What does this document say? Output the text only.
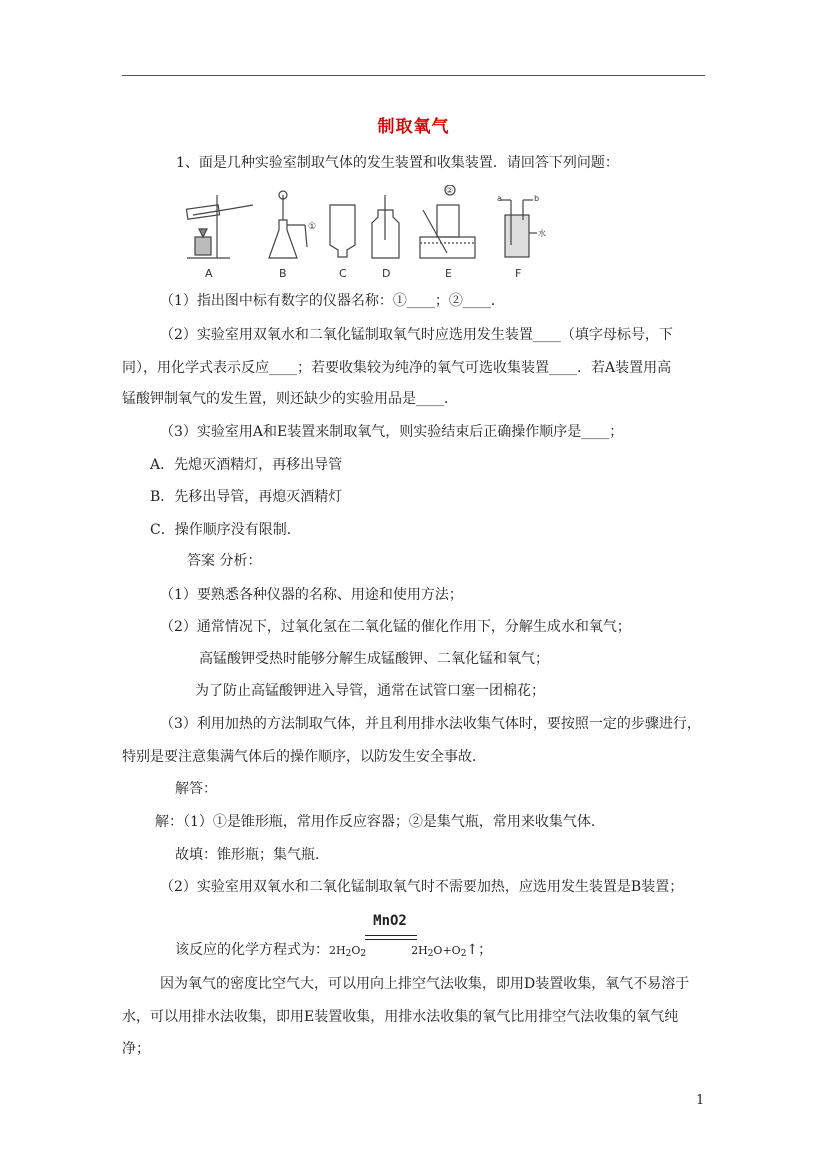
制取氧气
1、面是几种实验室制取气体的发生装置和收集装置．请回答下列问题：
A	B	C	D	E	F
①
②
a	b
水
（1）指出图中标有数字的仪器名称：①____；②____．
（2）实验室用双氧水和二氧化锰制取氧气时应选用发生装置____（填字母标号，下
同），用化学式表示反应____；若要收集较为纯净的氧气可选收集装置____．若A装置用高
锰酸钾制氧气的发生置，则还缺少的实验用品是____．
（3）实验室用A和E装置来制取氧气，则实验结束后正确操作顺序是____；
A．先熄灭酒精灯，再移出导管
B．先移出导管，再熄灭酒精灯
C．操作顺序没有限制．
答案 分析：
（1）要熟悉各种仪器的名称、用途和使用方法；
（2）通常情况下，过氧化氢在二氧化锰的催化作用下，分解生成水和氧气；
高锰酸钾受热时能够分解生成锰酸钾、二氧化锰和氧气；
为了防止高锰酸钾进入导管，通常在试管口塞一团棉花；
（3）利用加热的方法制取气体，并且利用排水法收集气体时，要按照一定的步骤进行，
特别是要注意集满气体后的操作顺序，以防发生安全事故．
解答：
解：（1）①是锥形瓶，常用作反应容器；②是集气瓶，常用来收集气体．
故填：锥形瓶；集气瓶．
（2）实验室用双氧水和二氧化锰制取氧气时不需要加热，应选用发生装置是B装置；
MnO2
该反应的化学方程式为：$2H_2O_2$	$2H_2O+O_2↑$；
因为氧气的密度比空气大，可以用向上排空气法收集，即用D装置收集，氧气不易溶于
水，可以用排水法收集，即用E装置收集，用排水法收集的氧气比用排空气法收集的氧气纯
净；
1
